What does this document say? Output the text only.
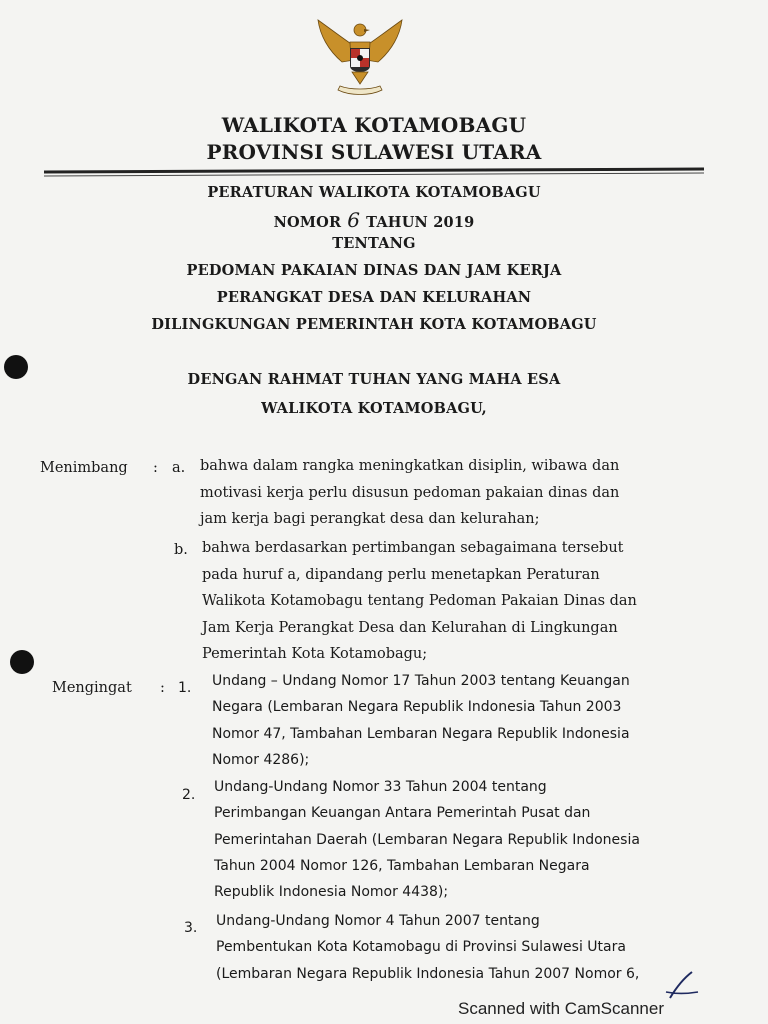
WALIKOTA KOTAMOBAGU
PROVINSI SULAWESI UTARA
PERATURAN WALIKOTA KOTAMOBAGU
NOMOR 6 TAHUN 2019
TENTANG
PEDOMAN PAKAIAN DINAS DAN JAM KERJA
PERANGKAT DESA DAN KELURAHAN
DILINGKUNGAN PEMERINTAH KOTA KOTAMOBAGU
DENGAN RAHMAT TUHAN YANG MAHA ESA
WALIKOTA KOTAMOBAGU,
Menimbang : a. bahwa dalam rangka meningkatkan disiplin, wibawa dan
motivasi kerja perlu disusun pedoman pakaian dinas dan
jam kerja bagi perangkat desa dan kelurahan;
b. bahwa berdasarkan pertimbangan sebagaimana tersebut
pada huruf a, dipandang perlu menetapkan Peraturan
Walikota Kotamobagu tentang Pedoman Pakaian Dinas dan
Jam Kerja Perangkat Desa dan Kelurahan di Lingkungan
Pemerintah Kota Kotamobagu;
Mengingat : 1. Undang – Undang Nomor 17 Tahun 2003 tentang Keuangan
Negara (Lembaran Negara Republik Indonesia Tahun 2003
Nomor 47, Tambahan Lembaran Negara Republik Indonesia
Nomor 4286);
2. Undang-Undang Nomor 33 Tahun 2004 tentang
Perimbangan Keuangan Antara Pemerintah Pusat dan
Pemerintahan Daerah (Lembaran Negara Republik Indonesia
Tahun 2004 Nomor 126, Tambahan Lembaran Negara
Republik Indonesia Nomor 4438);
3. Undang-Undang Nomor 4 Tahun 2007 tentang
Pembentukan Kota Kotamobagu di Provinsi Sulawesi Utara
(Lembaran Negara Republik Indonesia Tahun 2007 Nomor 6,
Scanned with CamScanner
